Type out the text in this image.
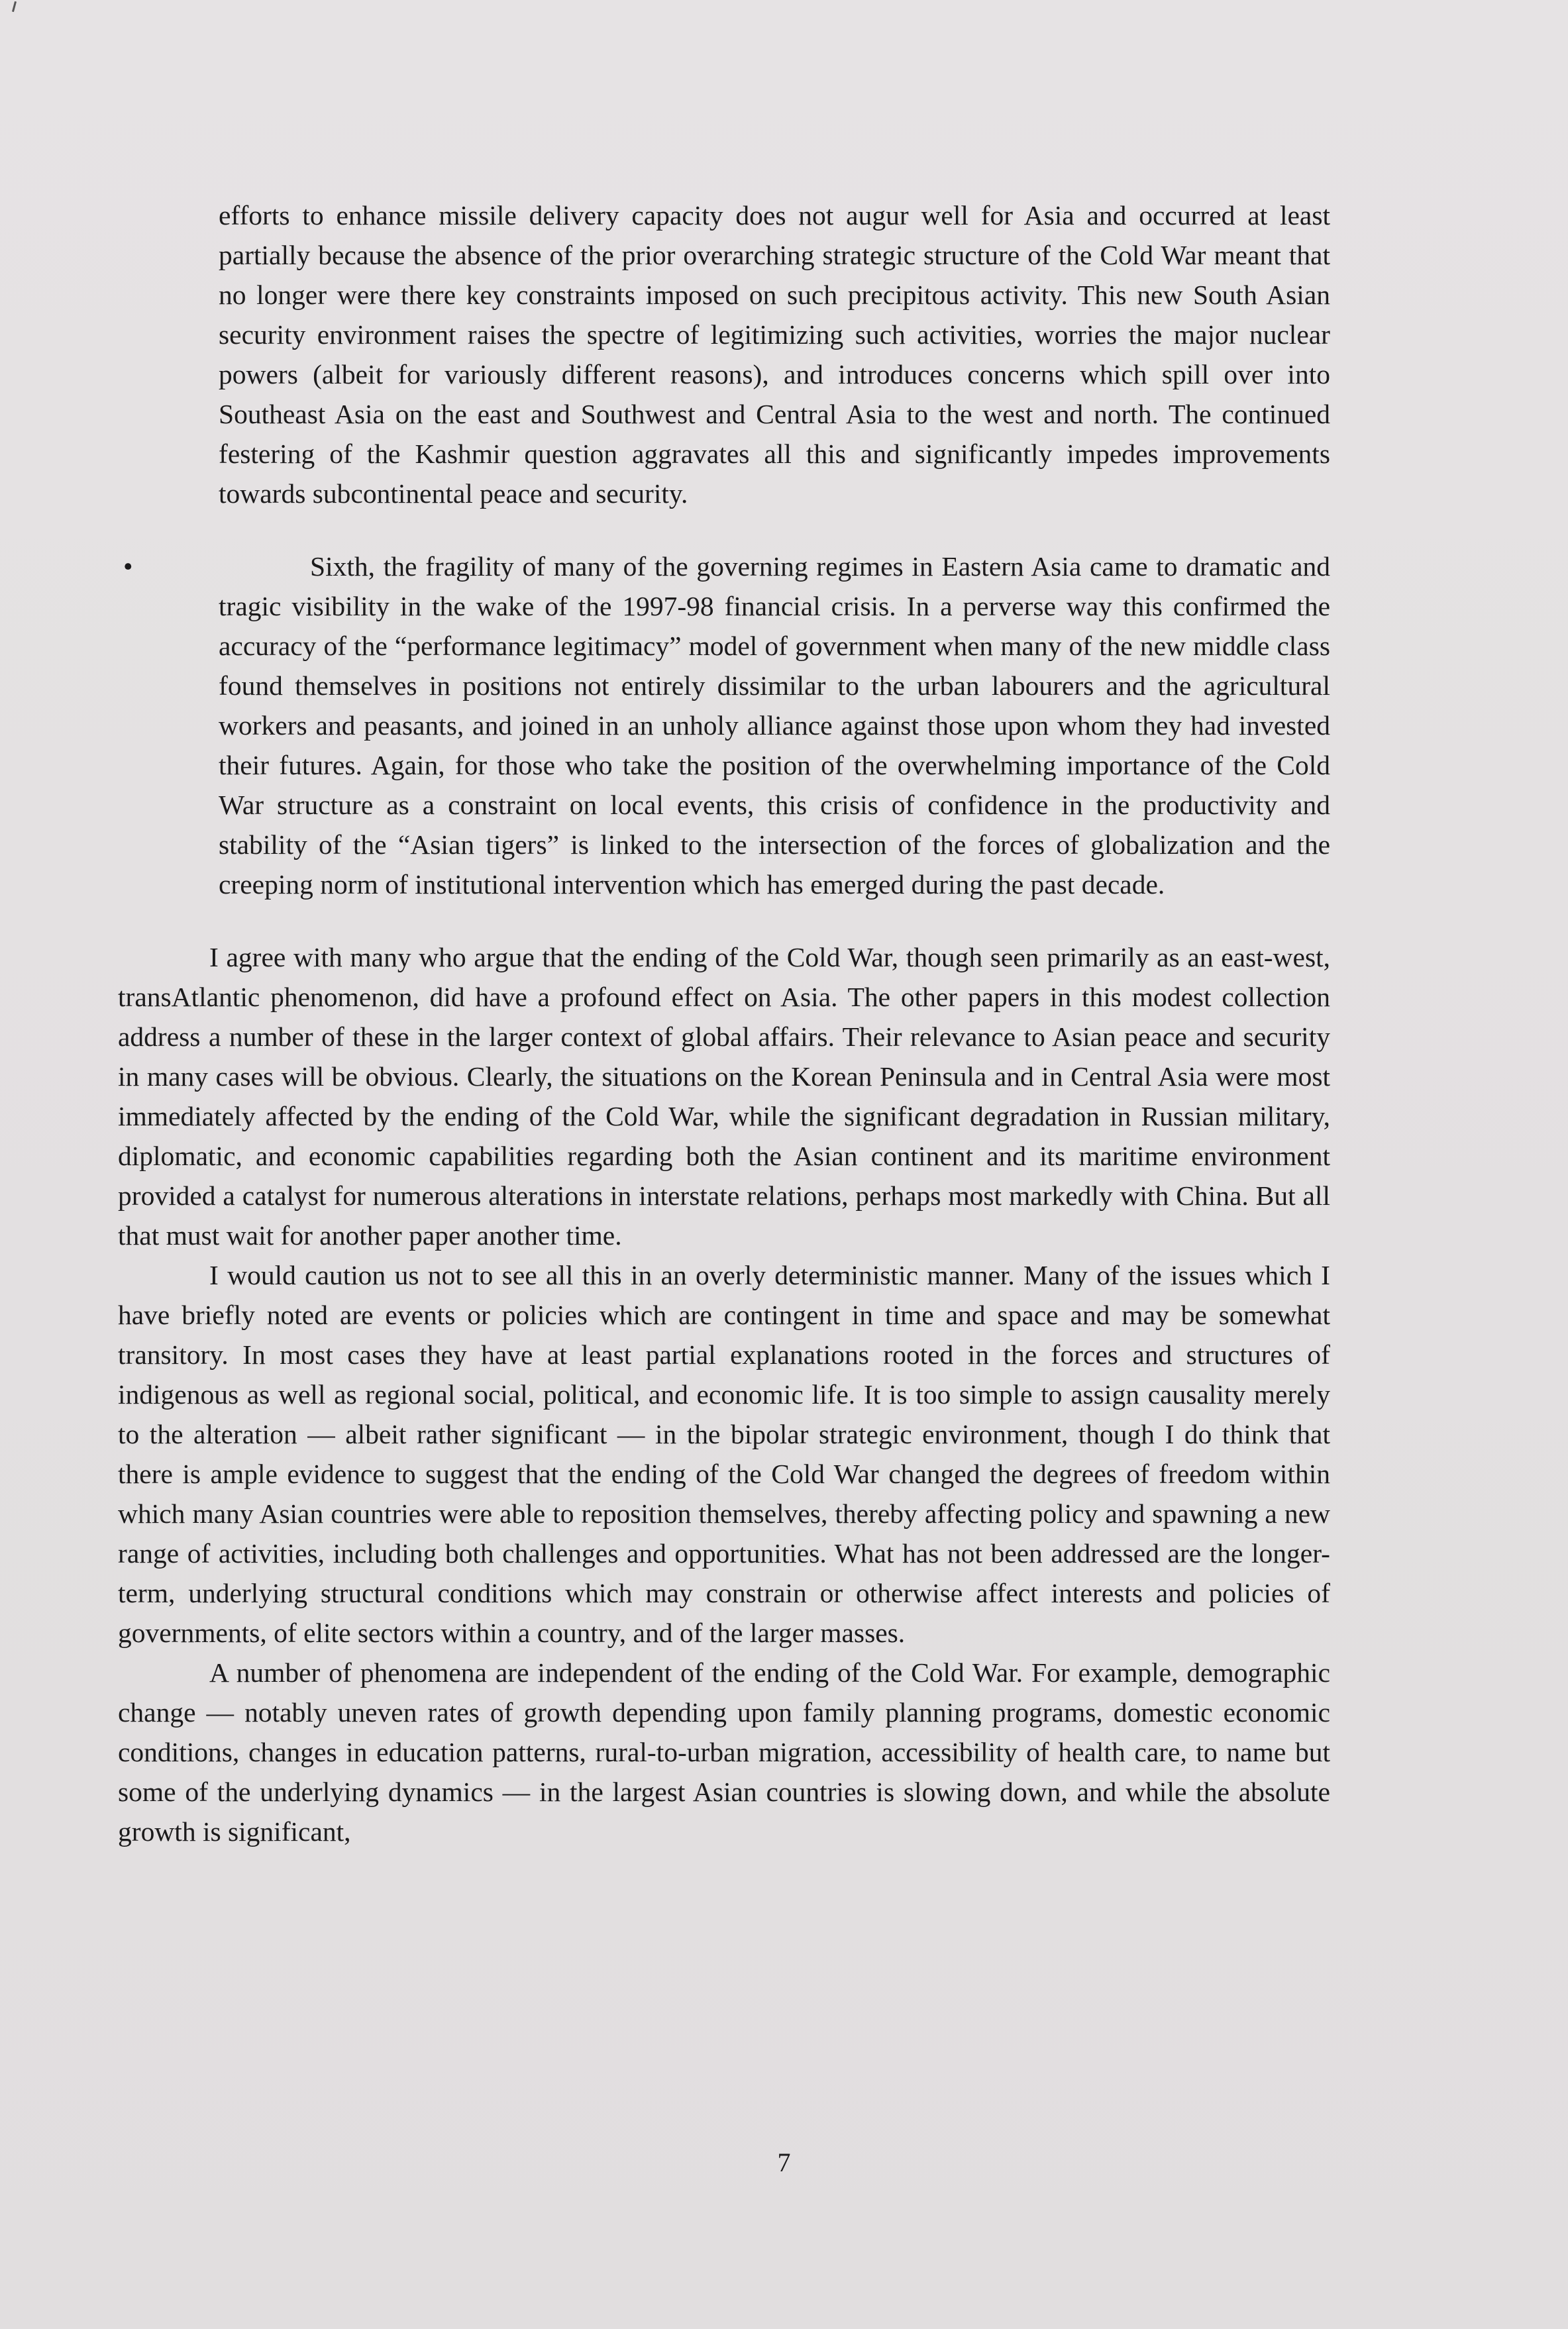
efforts to enhance missile delivery capacity does not augur well for Asia and occurred at least partially because the absence of the prior overarching strategic structure of the Cold War meant that no longer were there key constraints imposed on such precipitous activity. This new South Asian security environment raises the spectre of legitimizing such activities, worries the major nuclear powers (albeit for variously different reasons), and introduces concerns which spill over into Southeast Asia on the east and Southwest and Central Asia to the west and north. The continued festering of the Kashmir question aggravates all this and significantly impedes improvements towards subcontinental peace and security.

•	Sixth, the fragility of many of the governing regimes in Eastern Asia came to dramatic and tragic visibility in the wake of the 1997-98 financial crisis. In a perverse way this confirmed the accuracy of the “performance legitimacy” model of government when many of the new middle class found themselves in positions not entirely dissimilar to the urban labourers and the agricultural workers and peasants, and joined in an unholy alliance against those upon whom they had invested their futures. Again, for those who take the position of the overwhelming importance of the Cold War structure as a constraint on local events, this crisis of confidence in the productivity and stability of the “Asian tigers” is linked to the intersection of the forces of globalization and the creeping norm of institutional intervention which has emerged during the past decade.

I agree with many who argue that the ending of the Cold War, though seen primarily as an east-west, transAtlantic phenomenon, did have a profound effect on Asia. The other papers in this modest collection address a number of these in the larger context of global affairs. Their relevance to Asian peace and security in many cases will be obvious. Clearly, the situations on the Korean Peninsula and in Central Asia were most immediately affected by the ending of the Cold War, while the significant degradation in Russian military, diplomatic, and economic capabilities regarding both the Asian continent and its maritime environment provided a catalyst for numerous alterations in interstate relations, perhaps most markedly with China. But all that must wait for another paper another time.

I would caution us not to see all this in an overly deterministic manner. Many of the issues which I have briefly noted are events or policies which are contingent in time and space and may be somewhat transitory. In most cases they have at least partial explanations rooted in the forces and structures of indigenous as well as regional social, political, and economic life. It is too simple to assign causality merely to the alteration — albeit rather significant — in the bipolar strategic environment, though I do think that there is ample evidence to suggest that the ending of the Cold War changed the degrees of freedom within which many Asian countries were able to reposition themselves, thereby affecting policy and spawning a new range of activities, including both challenges and opportunities. What has not been addressed are the longer-term, underlying structural conditions which may constrain or otherwise affect interests and policies of governments, of elite sectors within a country, and of the larger masses.

A number of phenomena are independent of the ending of the Cold War. For example, demographic change — notably uneven rates of growth depending upon family planning programs, domestic economic conditions, changes in education patterns, rural-to-urban migration, accessibility of health care, to name but some of the underlying dynamics — in the largest Asian countries is slowing down, and while the absolute growth is significant,

7
